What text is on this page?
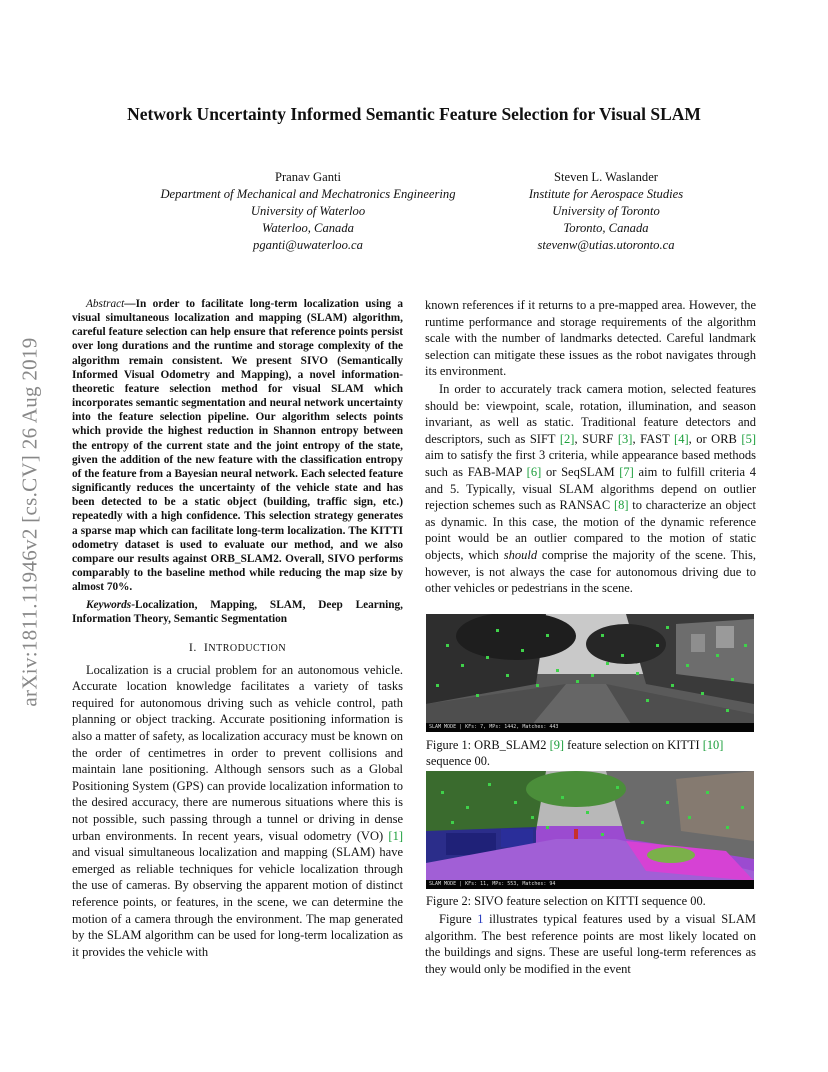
arXiv:1811.11946v2 [cs.CV] 26 Aug 2019
Network Uncertainty Informed Semantic Feature Selection for Visual SLAM
Pranav Ganti
Department of Mechanical and Mechatronics Engineering
University of Waterloo
Waterloo, Canada
pganti@uwaterloo.ca
Steven L. Waslander
Institute for Aerospace Studies
University of Toronto
Toronto, Canada
stevenw@utias.utoronto.ca

Abstract—In order to facilitate long-term localization using a visual simultaneous localization and mapping (SLAM) algorithm, careful feature selection can help ensure that reference points persist over long durations and the runtime and storage complexity of the algorithm remain consistent. We present SIVO (Semantically Informed Visual Odometry and Mapping), a novel information-theoretic feature selection method for visual SLAM which incorporates semantic segmentation and neural network uncertainty into the feature selection pipeline. Our algorithm selects points which provide the highest reduction in Shannon entropy between the entropy of the current state and the joint entropy of the state, given the addition of the new feature with the classification entropy of the feature from a Bayesian neural network. Each selected feature significantly reduces the uncertainty of the vehicle state and has been detected to be a static object (building, traffic sign, etc.) repeatedly with a high confidence. This selection strategy generates a sparse map which can facilitate long-term localization. The KITTI odometry dataset is used to evaluate our method, and we also compare our results against ORB_SLAM2. Overall, SIVO performs comparably to the baseline method while reducing the map size by almost 70%.

Keywords-Localization, Mapping, SLAM, Deep Learning, Information Theory, Semantic Segmentation

I. INTRODUCTION

Localization is a crucial problem for an autonomous vehicle. Accurate location knowledge facilitates a variety of tasks required for autonomous driving such as vehicle control, path planning or object tracking. Accurate positioning information is also a matter of safety, as localization accuracy must be known on the order of centimetres in order to prevent collisions and maintain lane positioning. Although sensors such as a Global Positioning System (GPS) can provide localization information to the desired accuracy, there are numerous situations where this is not possible, such passing through a tunnel or driving in dense urban environments. In recent years, visual odometry (VO) [1] and visual simultaneous localization and mapping (SLAM) have emerged as reliable techniques for vehicle localization through the use of cameras. By observing the apparent motion of distinct reference points, or features, in the scene, we can determine the motion of a camera through the environment. The map generated by the SLAM algorithm can be used for long-term localization as it provides the vehicle with

known references if it returns to a pre-mapped area. However, the runtime performance and storage requirements of the algorithm scale with the number of landmarks detected. Careful landmark selection can mitigate these issues as the robot navigates through its environment.

In order to accurately track camera motion, selected features should be: viewpoint, scale, rotation, illumination, and season invariant, as well as static. Traditional feature detectors and descriptors, such as SIFT [2], SURF [3], FAST [4], or ORB [5] aim to satisfy the first 3 criteria, while appearance based methods such as FAB-MAP [6] or SeqSLAM [7] aim to fulfill criteria 4 and 5. Typically, visual SLAM algorithms depend on outlier rejection schemes such as RANSAC [8] to characterize an object as dynamic. In this case, the motion of the dynamic reference point would be an outlier compared to the motion of static objects, which should comprise the majority of the scene. This, however, is not always the case for autonomous driving due to other vehicles or pedestrians in the scene.

SLAM MODE | KFs: 7, MPs: 1442, Matches: 443
Figure 1: ORB_SLAM2 [9] feature selection on KITTI [10] sequence 00.
SLAM MODE | KFs: 11, MPs: 553, Matches: 94
Figure 2: SIVO feature selection on KITTI sequence 00.

Figure 1 illustrates typical features used by a visual SLAM algorithm. The best reference points are most likely located on the buildings and signs. These are useful long-term references as they would only be modified in the event
